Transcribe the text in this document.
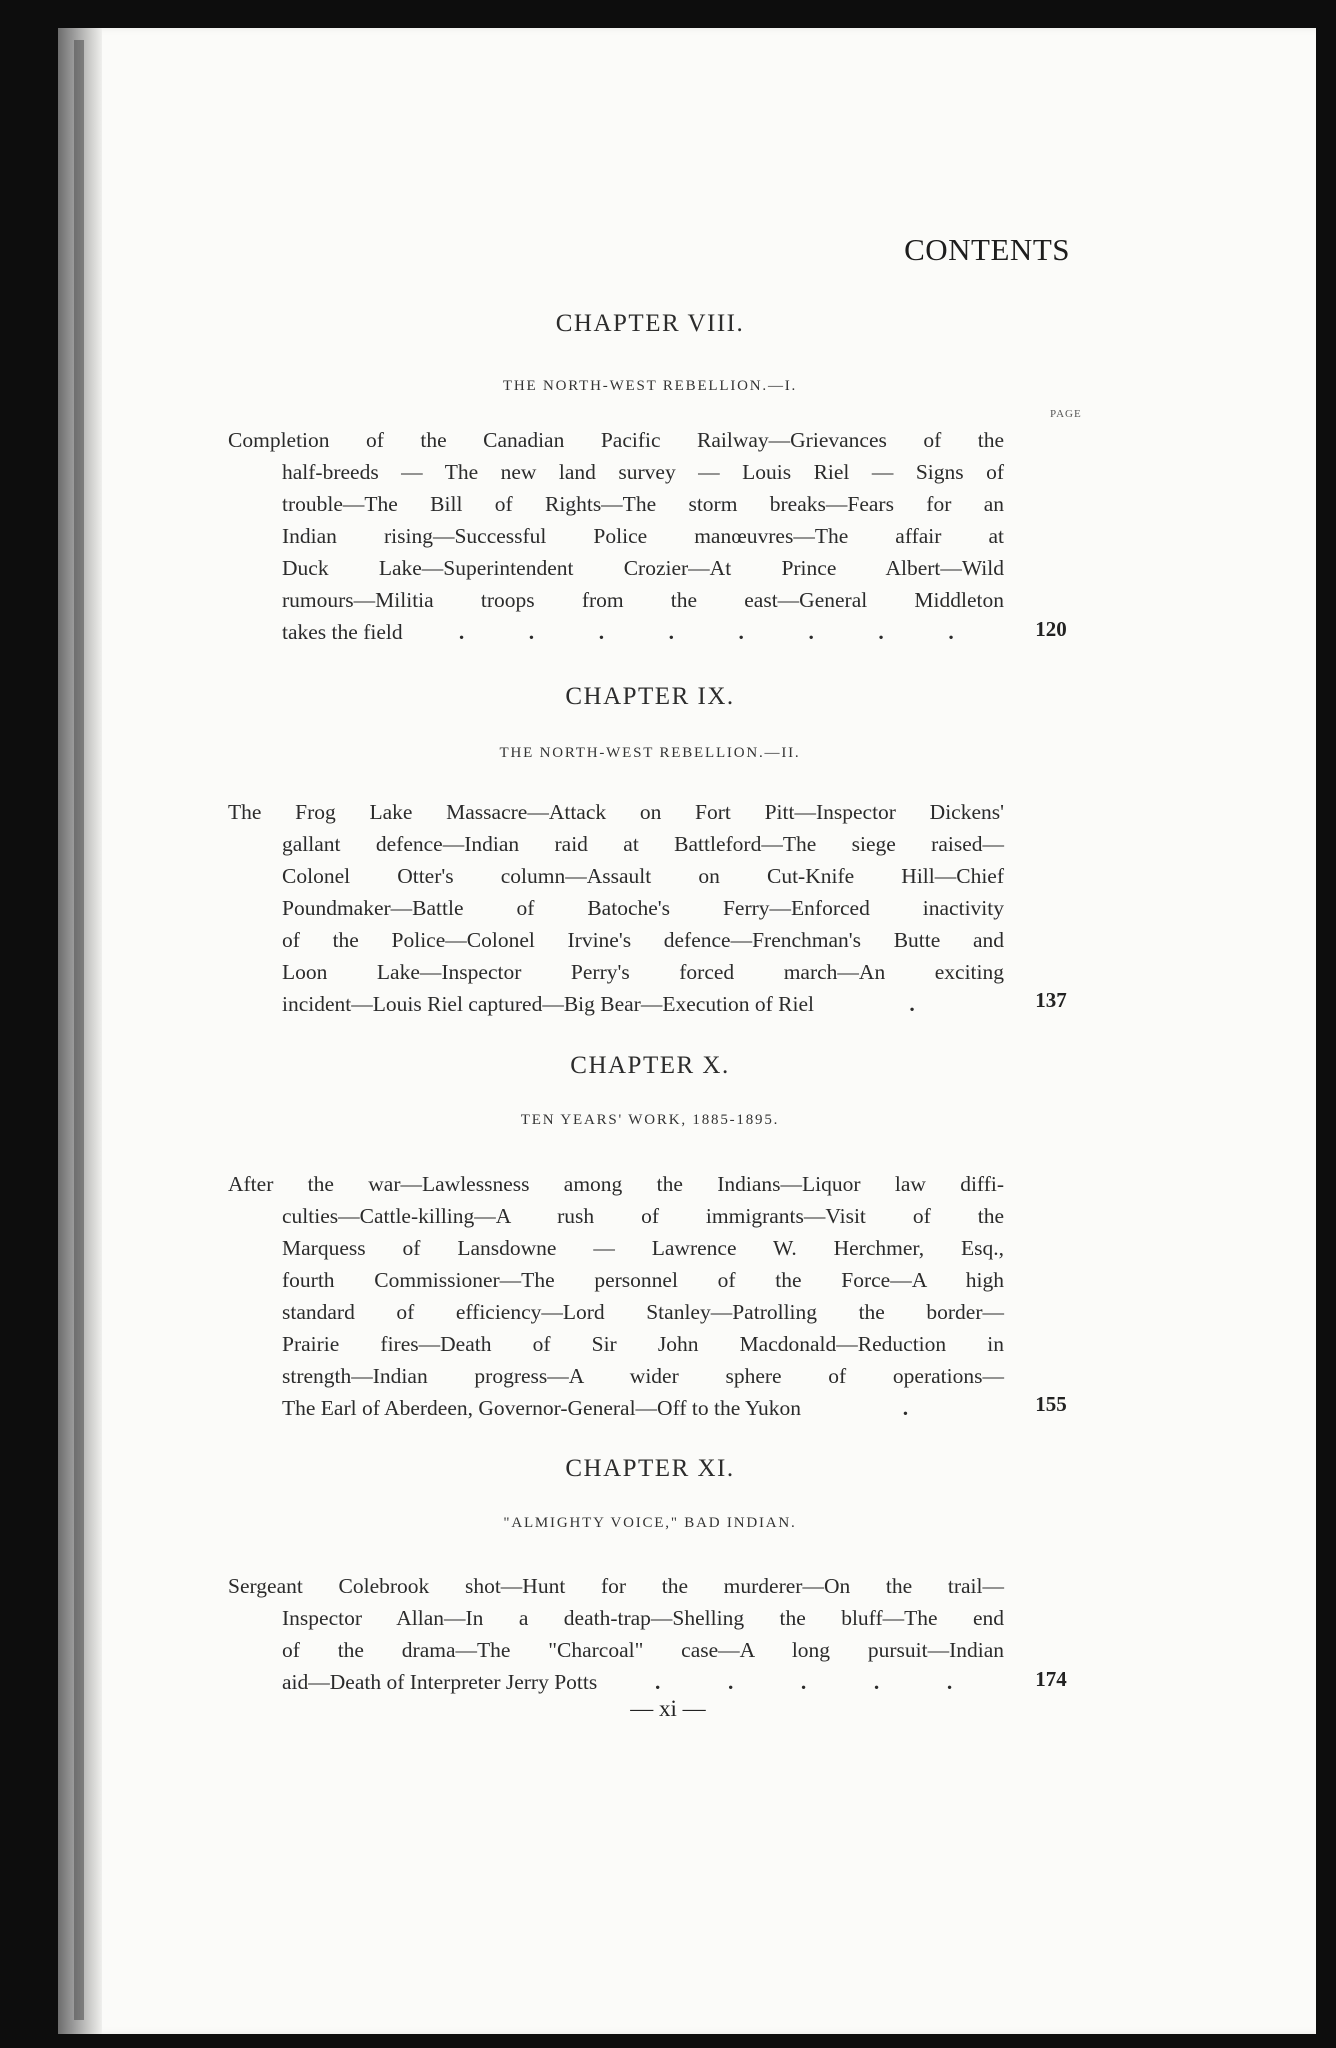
CONTENTS
CHAPTER VIII.
THE NORTH-WEST REBELLION.—I.
PAGE
Completion of the Canadian Pacific Railway—Grievances of the
half-breeds — The new land survey — Louis Riel — Signs of
trouble—The Bill of Rights—The storm breaks—Fears for an
Indian rising—Successful Police manœuvres—The affair at
Duck Lake—Superintendent Crozier—At Prince Albert—Wild
rumours—Militia troops from the east—General Middleton
takes the field	.	.	.	.	.	.	.	.	120
CHAPTER IX.
THE NORTH-WEST REBELLION.—II.
The Frog Lake Massacre—Attack on Fort Pitt—Inspector Dickens'
gallant defence—Indian raid at Battleford—The siege raised—
Colonel Otter's column—Assault on Cut-Knife Hill—Chief
Poundmaker—Battle of Batoche's Ferry—Enforced inactivity
of the Police—Colonel Irvine's defence—Frenchman's Butte and
Loon Lake—Inspector Perry's forced march—An exciting
incident—Louis Riel captured—Big Bear—Execution of Riel	.	137
CHAPTER X.
TEN YEARS' WORK, 1885-1895.
After the war—Lawlessness among the Indians—Liquor law diffi-
culties—Cattle-killing—A rush of immigrants—Visit of the
Marquess of Lansdowne — Lawrence W. Herchmer, Esq.,
fourth Commissioner—The personnel of the Force—A high
standard of efficiency—Lord Stanley—Patrolling the border—
Prairie fires—Death of Sir John Macdonald—Reduction in
strength—Indian progress—A wider sphere of operations—
The Earl of Aberdeen, Governor-General—Off to the Yukon	.	155
CHAPTER XI.
"ALMIGHTY VOICE," BAD INDIAN.
Sergeant Colebrook shot—Hunt for the murderer—On the trail—
Inspector Allan—In a death-trap—Shelling the bluff—The end
of the drama—The "Charcoal" case—A long pursuit—Indian
aid—Death of Interpreter Jerry Potts	.	.	.	.	.	174
— xi —
